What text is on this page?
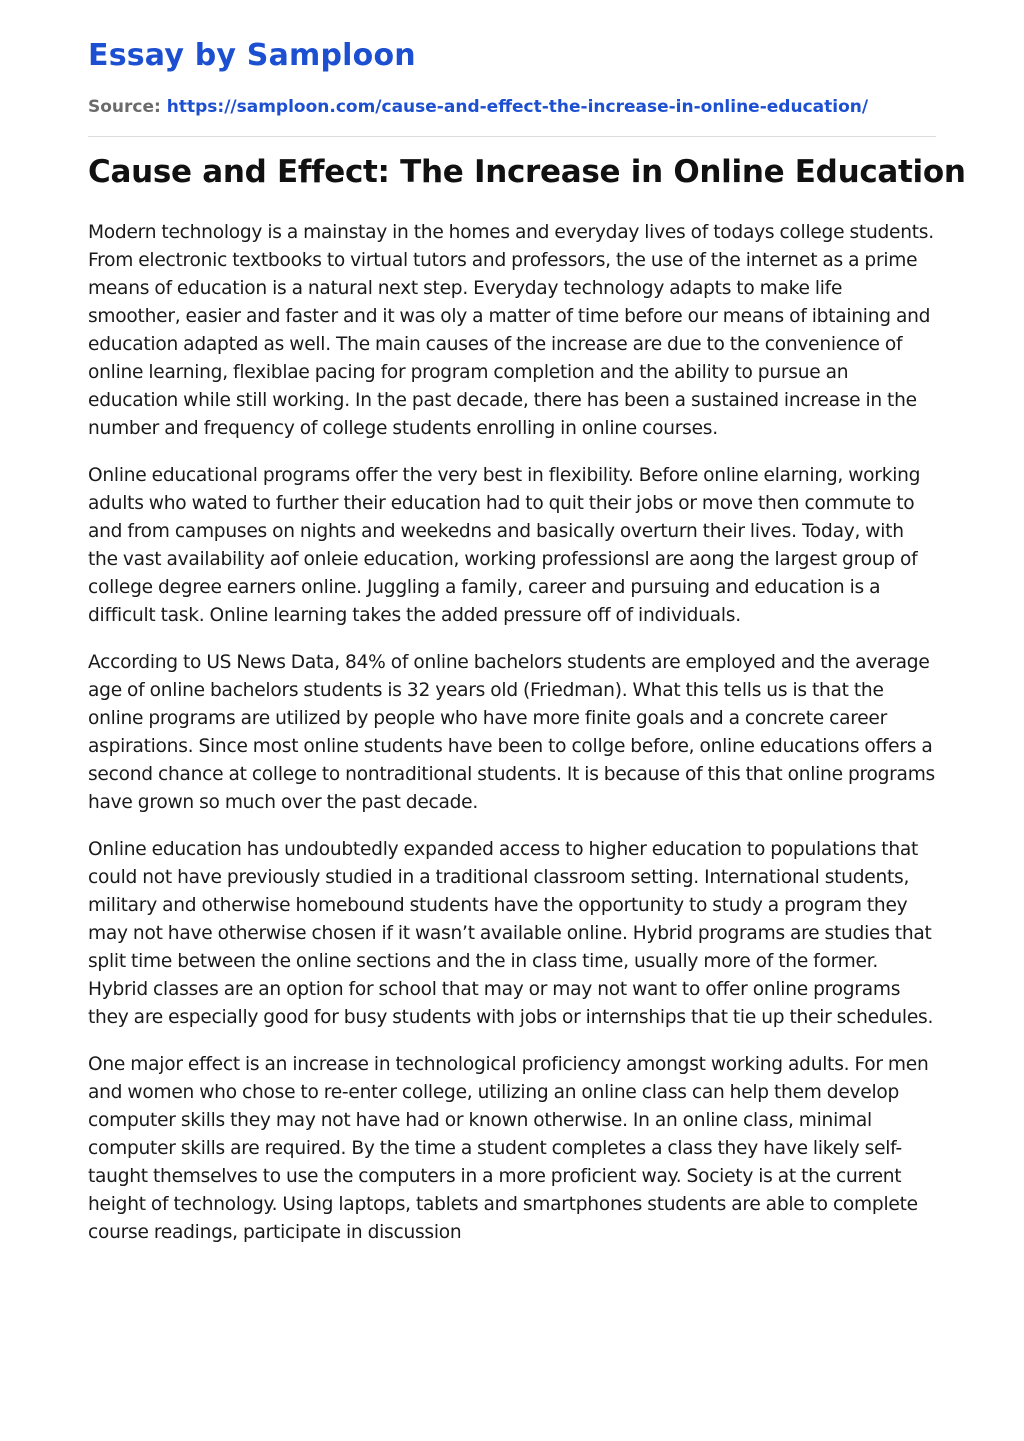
Essay by Samploon
Source: https://samploon.com/cause-and-effect-the-increase-in-online-education/
Cause and Effect: The Increase in Online Education

Modern technology is a mainstay in the homes and everyday lives of todays college students. From electronic textbooks to virtual tutors and professors, the use of the internet as a prime means of education is a natural next step. Everyday technology adapts to make life smoother, easier and faster and it was oly a matter of time before our means of ibtaining and education adapted as well. The main causes of the increase are due to the convenience of online learning, flexiblae pacing for program completion and the ability to pursue an education while still working. In the past decade, there has been a sustained increase in the number and frequency of college students enrolling in online courses.

Online educational programs offer the very best in flexibility. Before online elarning, working adults who wated to further their education had to quit their jobs or move then commute to and from campuses on nights and weekedns and basically overturn their lives. Today, with the vast availability aof onleie education, working professionsl are aong the largest group of college degree earners online. Juggling a family, career and pursuing and education is a difficult task. Online learning takes the added pressure off of individuals.

According to US News Data, 84% of online bachelors students are employed and the average age of online bachelors students is 32 years old (Friedman). What this tells us is that the online programs are utilized by people who have more finite goals and a concrete career aspirations. Since most online students have been to collge before, online educations offers a second chance at college to nontraditional students. It is because of this that online programs have grown so much over the past decade.

Online education has undoubtedly expanded access to higher education to populations that could not have previously studied in a traditional classroom setting. International students, military and otherwise homebound students have the opportunity to study a program they may not have otherwise chosen if it wasn’t available online. Hybrid programs are studies that split time between the online sections and the in class time, usually more of the former. Hybrid classes are an option for school that may or may not want to offer online programs they are especially good for busy students with jobs or internships that tie up their schedules.

One major effect is an increase in technological proficiency amongst working adults. For men and women who chose to re-enter college, utilizing an online class can help them develop computer skills they may not have had or known otherwise. In an online class, minimal computer skills are required. By the time a student completes a class they have likely self-taught themselves to use the computers in a more proficient way. Society is at the current height of technology. Using laptops, tablets and smartphones students are able to complete course readings, participate in discussion
